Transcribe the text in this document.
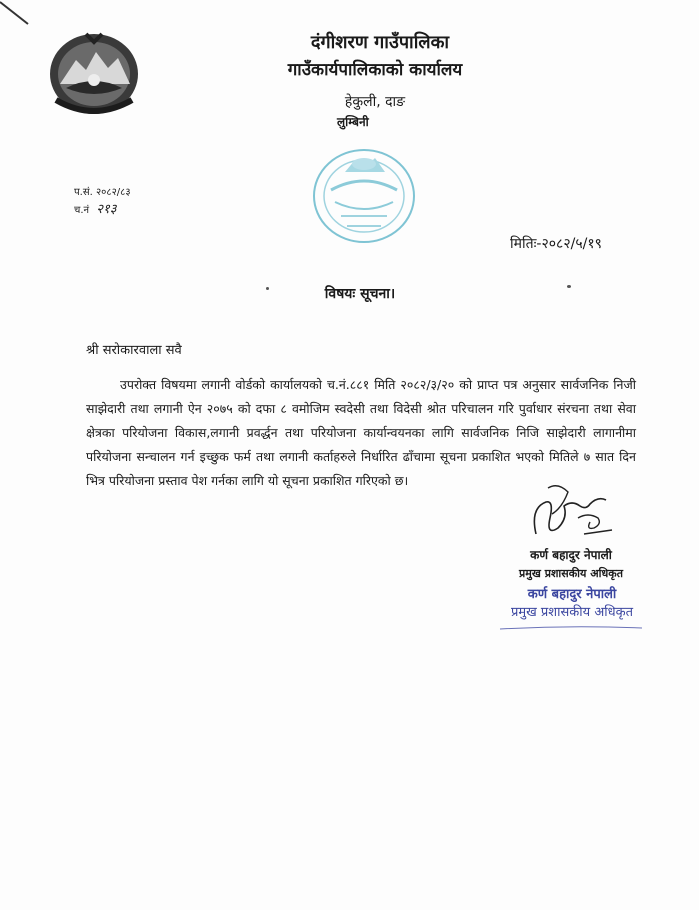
दंगीशरण गाउँपालिका
गाउँकार्यपालिकाको कार्यालय
हेकुली, दाङ
लुम्बिनी
प.सं. २०८२/८३
च.नं २१३
मितिः-२०८२/५/१९
विषयः सूचना।
श्री सरोकारवाला सवै
उपरोक्त विषयमा लगानी वोर्डको कार्यालयको च.नं.८८१ मिति २०८२/३/२० को प्राप्त पत्र अनुसार सार्वजनिक निजी साझेदारी तथा लगानी ऐन २०७५ को दफा ८ वमोजिम स्वदेसी तथा विदेसी श्रोत परिचालन गरि पुर्वाधार संरचना तथा सेवा क्षेत्रका परियोजना विकास,लगानी प्रवर्द्धन तथा परियोजना कार्यान्वयनका लागि सार्वजनिक निजि साझेदारी लागानीमा परियोजना सन्चालन गर्न इच्छुक फर्म तथा लगानी कर्ताहरुले निर्धारित ढाँचामा सूचना प्रकाशित भएको मितिले ७ सात दिन भित्र परियोजना प्रस्ताव पेश गर्नका लागि यो सूचना प्रकाशित गरिएको छ।
कर्ण बहादुर नेपाली
प्रमुख प्रशासकीय अधिकृत
कर्ण बहादुर नेपाली
प्रमुख प्रशासकीय अधिकृत
